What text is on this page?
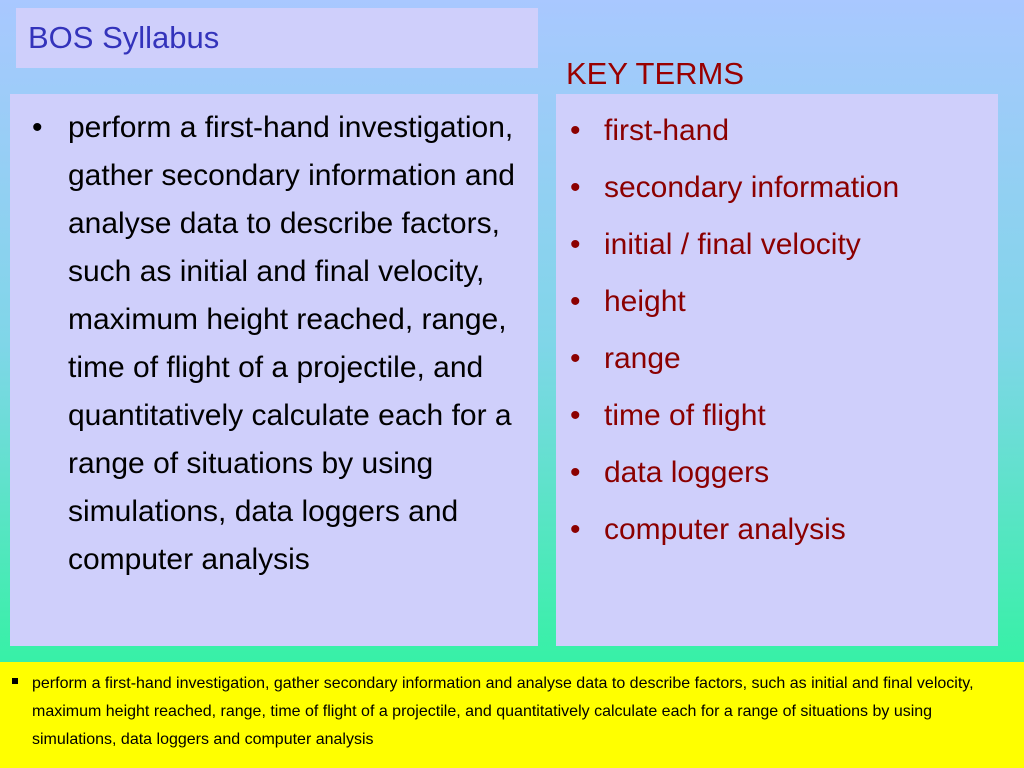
BOS Syllabus
KEY TERMS
• perform a first-hand investigation, gather secondary information and analyse data to describe factors, such as initial and final velocity, maximum height reached, range, time of flight of a projectile, and quantitatively calculate each for a range of situations by using simulations, data loggers and computer analysis
• first-hand
• secondary information
• initial / final velocity
• height
• range
• time of flight
• data loggers
• computer analysis
perform a first-hand investigation, gather secondary information and analyse data to describe factors, such as initial and final velocity, maximum height reached, range, time of flight of a projectile, and quantitatively calculate each for a range of situations by using simulations, data loggers and computer analysis
